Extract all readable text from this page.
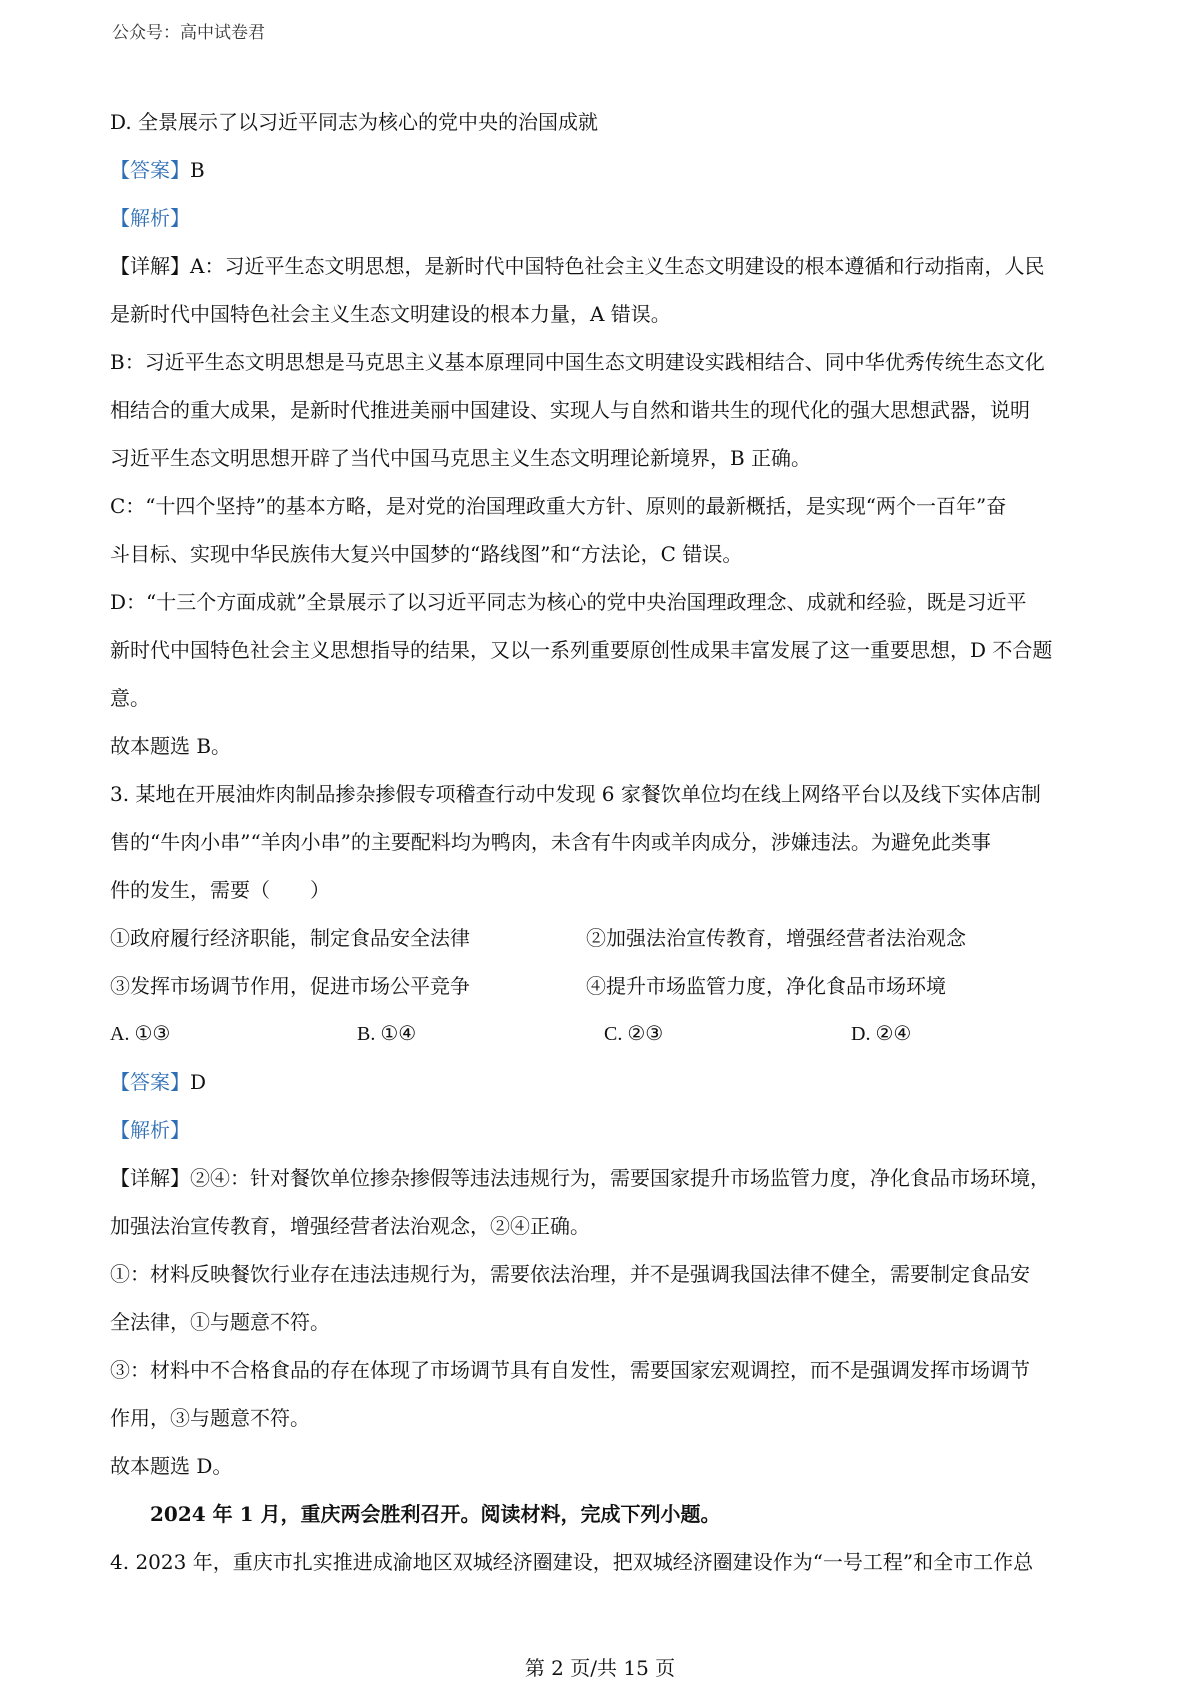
公众号：高中试卷君
D. 全景展示了以习近平同志为核心的党中央的治国成就
【答案】B
【解析】
【详解】A：习近平生态文明思想，是新时代中国特色社会主义生态文明建设的根本遵循和行动指南，人民
是新时代中国特色社会主义生态文明建设的根本力量，A 错误。
B：习近平生态文明思想是马克思主义基本原理同中国生态文明建设实践相结合、同中华优秀传统生态文化
相结合的重大成果，是新时代推进美丽中国建设、实现人与自然和谐共生的现代化的强大思想武器，说明
习近平生态文明思想开辟了当代中国马克思主义生态文明理论新境界，B 正确。
C：“十四个坚持”的基本方略，是对党的治国理政重大方针、原则的最新概括，是实现“两个一百年”奋
斗目标、实现中华民族伟大复兴中国梦的“路线图”和“方法论，C 错误。
D：“十三个方面成就”全景展示了以习近平同志为核心的党中央治国理政理念、成就和经验，既是习近平
新时代中国特色社会主义思想指导的结果，又以一系列重要原创性成果丰富发展了这一重要思想，D 不合题
意。
故本题选 B。
3. 某地在开展油炸肉制品掺杂掺假专项稽查行动中发现 6 家餐饮单位均在线上网络平台以及线下实体店制
售的“牛肉小串”“羊肉小串”的主要配料均为鸭肉，未含有牛肉或羊肉成分，涉嫌违法。为避免此类事
件的发生，需要（　　）
①政府履行经济职能，制定食品安全法律	②加强法治宣传教育，增强经营者法治观念
③发挥市场调节作用，促进市场公平竞争	④提升市场监管力度，净化食品市场环境
A. ①③	B. ①④	C. ②③	D. ②④
【答案】D
【解析】
【详解】②④：针对餐饮单位掺杂掺假等违法违规行为，需要国家提升市场监管力度，净化食品市场环境，
加强法治宣传教育，增强经营者法治观念，②④正确。
①：材料反映餐饮行业存在违法违规行为，需要依法治理，并不是强调我国法律不健全，需要制定食品安
全法律，①与题意不符。
③：材料中不合格食品的存在体现了市场调节具有自发性，需要国家宏观调控，而不是强调发挥市场调节
作用，③与题意不符。
故本题选 D。
2024 年 1 月，重庆两会胜利召开。阅读材料，完成下列小题。
4. 2023 年，重庆市扎实推进成渝地区双城经济圈建设，把双城经济圈建设作为“一号工程”和全市工作总
第 2 页/共 15 页
